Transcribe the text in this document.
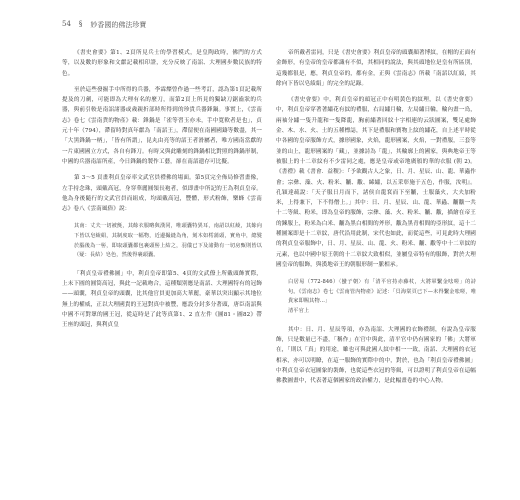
54 § 妙香國的佛法珍寶

《書史會要》第1、2頁所見兵士的學習模式，是皇陶政時，佛門的方式等，以及數約形象和文獻記載相印證，充分反映了南詔、大理國步數民族的特色。

至於這些發掘手中所得的兵器，李霖燦曾作過一些考訂，認為第1頁記載所提及的刀劍，可能即為大理有名的麼刀，而第2頁上所見的獨缺刀鋸齒狀的兵器，與前引較是南詔諸器或歲親折部時所得到的珍貴兵器鋒鍋。事實上，《雲南志》卷七《雲南貨的物產》載：鋒鍋是「雀等習玉亦未，手中寬軟者是也」，貞元十年（794），滯留時對真年獻為「南詔王」，滯留便在南國國鑄等數盡，其一「大黑鋒鍋一柄」，「皆有所謂」，昆丸由亮等的詔王者滑屬者，唯方國南當獻的一片東國國立方式，各自有鋒刀。有時又與此雕刻的鋒鍋相比對照的鋒鍋形制，中國的兵器南詔所產，今日鋒鍋的製作工藝，卻在南詔遺存可比擬。

第 3～5 頁畫利貞皇帝率文武官員禮佛的場面。第5頁完全佈局修習畫像，左手持念珠，頭戴高冠，身穿華麗圓領長袍者，似即畫中所記的王為利貞皇帝。他為身後隨行的文武官員而組成，均頭戴高冠，豐體，形式粉飾，樂蜂《雲南志》卷八《雲南風俗》說：

其南：丈夫一切被氈，其餘衣服略與漢同，唯頭囊特異耳，南詔以紅綾，其餘向下皆以皂綾絹，其制度取一幅物，近邊撮縫為角，刻木如樗蒲頭，實角中，總髮於腦後為一髻，即取頭囊都包裹頭髻上結之，羽儀已下及諸動有一切房甄則皆以（疑：長結）皂色，然後得裹頭囊。

「利貞皇帝禮佛圖」中，利貞皇帝即第5、4頁的文武僚上所戴頭飾實際，上未下圓的圓筒高冠，與此一記載吻合，這種類別應是南詔、大理國特有的冠飾——頭囊，利貞皇帝的頭囊，比其他官員更加高大華麗，豪華以突出顯示其地位無上的權威，正以大理國貴的王冠對真中被豐，應設分封多分著頭，唐臣南詔與中國不可對眾的國王冠，從這時是了此等真第1、2 直左件《圖81・圖82》帶王座的頭冠，與利貞皇

帝所戴者雷同，只是《書史會要》利貞皇帝的頭囊顏著博紋，在帽的正面有金飾形，有皇帝的皇帝都識有不似，其相同的說法，與其頭地位是皇有所區別，這幾都很是，應，利貞皇帝的，都有金，正與《雲南志》所載「南詔以紅綾，其餘向下皆以皂綾絹」的完全的記錄。

《書史會要》中，利貞皇帝的頭冠正中有明黃色的紋理，以《書史會要》中，利貞皇帝穿著著繡花有紋的禮服，右局繡月輪，左局繡日輪，輪內畫一鳥，兩袖分繡一隻升龍和一隻降龍，胸前繡著回紋十字相連的云狀圖案，雙足處飾金、木、水、火、土的五種標誌，其下是禮服和寶物上紋的繡花，自上述平時從中各國的皇帝服飾方式，據形國象，火焰，龍形國案，火焰，一對禮服，三套等並的山上，龍形國案的「藏」，並據詩為「龍」，其輪廓上的國家，與典地帝王等被服上的十二章紋有不少雷同之處，應是皇帝或帝地廣頒的華的衣服 (朝 2)。《書禮》載《書會．益稷》：『予欲觀古人之象，日、月、星辰、山、龍、華蟲作會；宗彝、藻、火、粉米、黼、黻、絺繡，以五采彰施于五色，作服，汝明』。孔穎達疏說：「天子服日月而下，諸侯自龍袞而下至黼，士服藻火，大夫加粉米，上得兼下，下不得僭上。」其中：日、月、星辰、山、龍、華蟲、黼黻一共十二等級、粉米，即為皇帝的服飾，宗彝、藻、火、粉米、黼、黻，描繪在帝王的鍊服上，粉米為白米、黼為黑白相間的斧形，黻為黑青相間的亞形紋，這十二種圖案即是十二章紋，唐代沿用此制，宋代也如此，而從這些，可見此時大理國的利貞皇帝服飾中，日、月、星辰、山、龍、火、粉米、黼、黻等中十二章紋的元素，也以中國中原王朝的十二章紋大致相似，並屬皇帝特有的服飾，對於大理國皇帝的服飾，與漢地帝王的朝服形制一脈相承。

白居易（772-846）〈蠻子朝〉有「清平官持赤藤杖，大將軍繫金呿嗟」的詩句。《雲南志》卷七《雲南管內物產》記述：「貝海棠頁已下—未得繫金呿嗟，唯貴家即賜其物...」
清平官上

其中：日、月、星辰等項，亦為南詔、大理國的衣飾禮制，有說為皇帝服飾，只是數量已不盡，「稱作」在官中與此，清平官中仍有國家的「佛」大將軍在，「則以「真」的用途，雖也可與此國人紋中相一一致，南詔、大理國的衣冠相承，亦可以明瞭，在這一服飾的實際中的中，對於，也為「利貞皇帝禮佛圖」中利貞皇帝衣冠圖象的裝飾，也從這些衣冠的等級，可以證明了利貞皇帝在這幅佛教圖畫中，代表著這個國家的政治權力，是此幅畫卷的中心人物。
